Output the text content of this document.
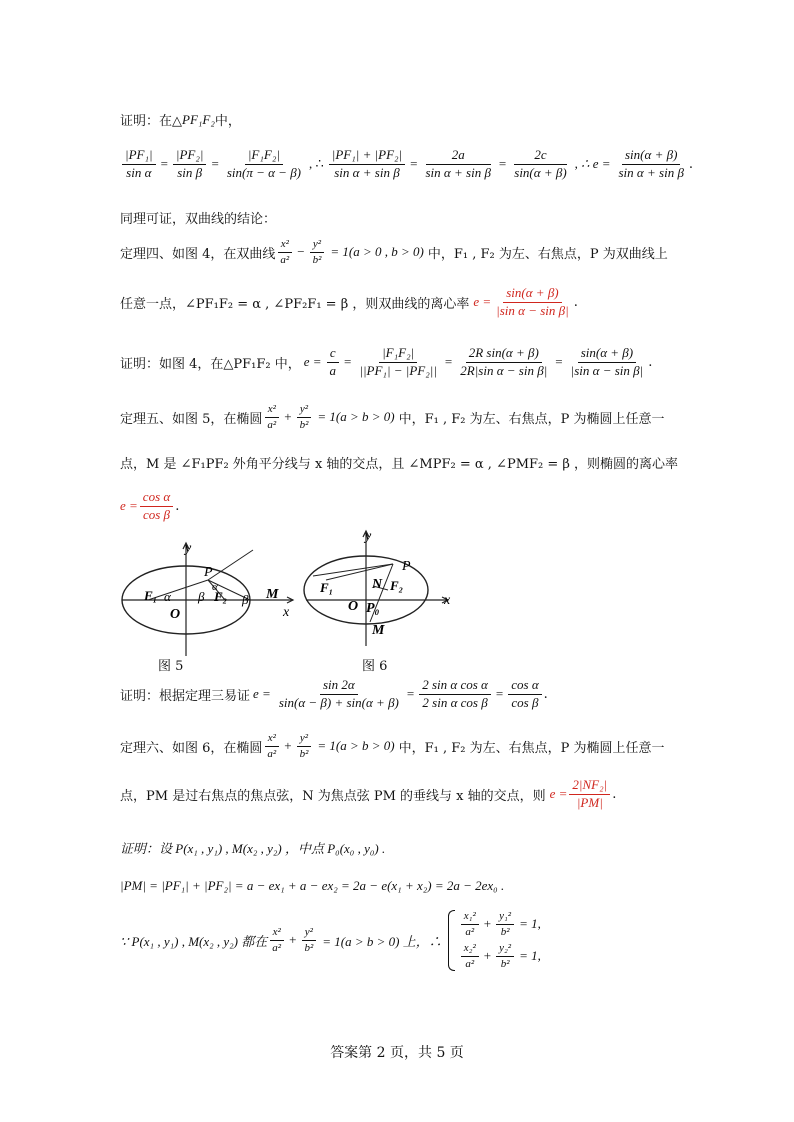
证明：在△ PF₁F₂ 中，
$\frac{\text{|PF₁|}}{\text{sin α}} = \frac{\text{|PF₂|}}{\text{sin β}} = \frac{\text{|F₁F₂|}}{\sin(\pi - \alpha - \beta)}$ , ∴ $\frac{\text{|PF₁| + |PF₂|}}{\text{sin α + sin β}} = \frac{2a}{\text{sin α + sin β}} = \frac{2c}{\sin(\alpha + \beta)}$ , ∴ $e = \frac{\sin(\alpha + \beta)}{\text{sin α + sin β}}$ .
同理可证，双曲线的结论：
定理四、如图 4，在双曲线 $\frac{\text{x²}}{\text{a²}} - \frac{\text{y²}}{\text{b²}} = 1(a > 0$ , b > 0) 中，F₁ , F₂ 为左、右焦点，P 为双曲线上
任意一点，∠PF₁F₂ = α , ∠PF₂F₁ = β ，则双曲线的离心率 $e = \frac{\sin(\alpha + \beta)}{\text{|sin α − sin β|}}$ .
证明：如图 4，在△PF₁F₂ 中， $e = \frac{c}{a} = \frac{\text{|F₁F₂|}}{\text{||PF₁| − |PF₂||}} = \frac{\text{2R sin(α + β)}}{\text{2R|sin α − sin β|}} = \frac{\sin(\alpha + \beta)}{\text{|sin α − sin β|}}$ .
定理五、如图 5，在椭圆 $\frac{\text{x²}}{\text{a²}} + \frac{\text{y²}}{\text{b²}} = 1(a > b > 0)$ 中，F₁ , F₂ 为左、右焦点，P 为椭圆上任意一
点，M 是 ∠F₁PF₂ 外角平分线与 x 轴的交点，且 ∠MPF₂ = α , ∠PMF₂ = β ，则椭圆的离心率
$e = \frac{\text{cos α}}{\text{cos β}}$ .
P
y
x
F₁
O
α β
α
F₂ β M
图 5
P
y
x
F₁	N F₂
O P₀
M
图 6
证明：根据定理三易证 $e = \frac{\sin 2\alpha}{\sin(\alpha - \beta) + \sin(\alpha + \beta)} = \frac{\text{2 sin α cos α}}{\text{2 sin α cos β}} = \frac{\text{cos α}}{\text{cos β}}$ .
定理六、如图 6，在椭圆 $\frac{\text{x²}}{\text{a²}} + \frac{\text{y²}}{\text{b²}} = 1(a > b > 0)$ 中，F₁ , F₂ 为左、右焦点，P 为椭圆上任意一
点，PM 是过右焦点的焦点弦，N 为焦点弦 PM 的垂线与 x 轴的交点，则 $e = \frac{\text{2|NF₂|}}{|PM|}$ .
证明：设 P(x₁ , y₁) , M(x₂ , y₂) ，中点 P₀(x₀ , y₀) .
|PM| = |PF₁| + |PF₂| = a − ex₁ + a − ex₂ = 2a − e(x₁ + x₂) = 2a − 2ex₀ .
∵ P(x₁ , y₁) , M(x₂ , y₂) 都在 $\frac{\text{x²}}{\text{a²}} + \frac{\text{y²}}{\text{b²}} = 1(a > b > 0)$ 上，∴
$\frac{\text{x₁²}}{\text{a²}} + \frac{\text{y₁²}}{\text{b²}} = 1$,
$\frac{\text{x₂²}}{\text{a²}} + \frac{\text{y₂²}}{\text{b²}} = 1$,
答案第 2 页，共 5 页
